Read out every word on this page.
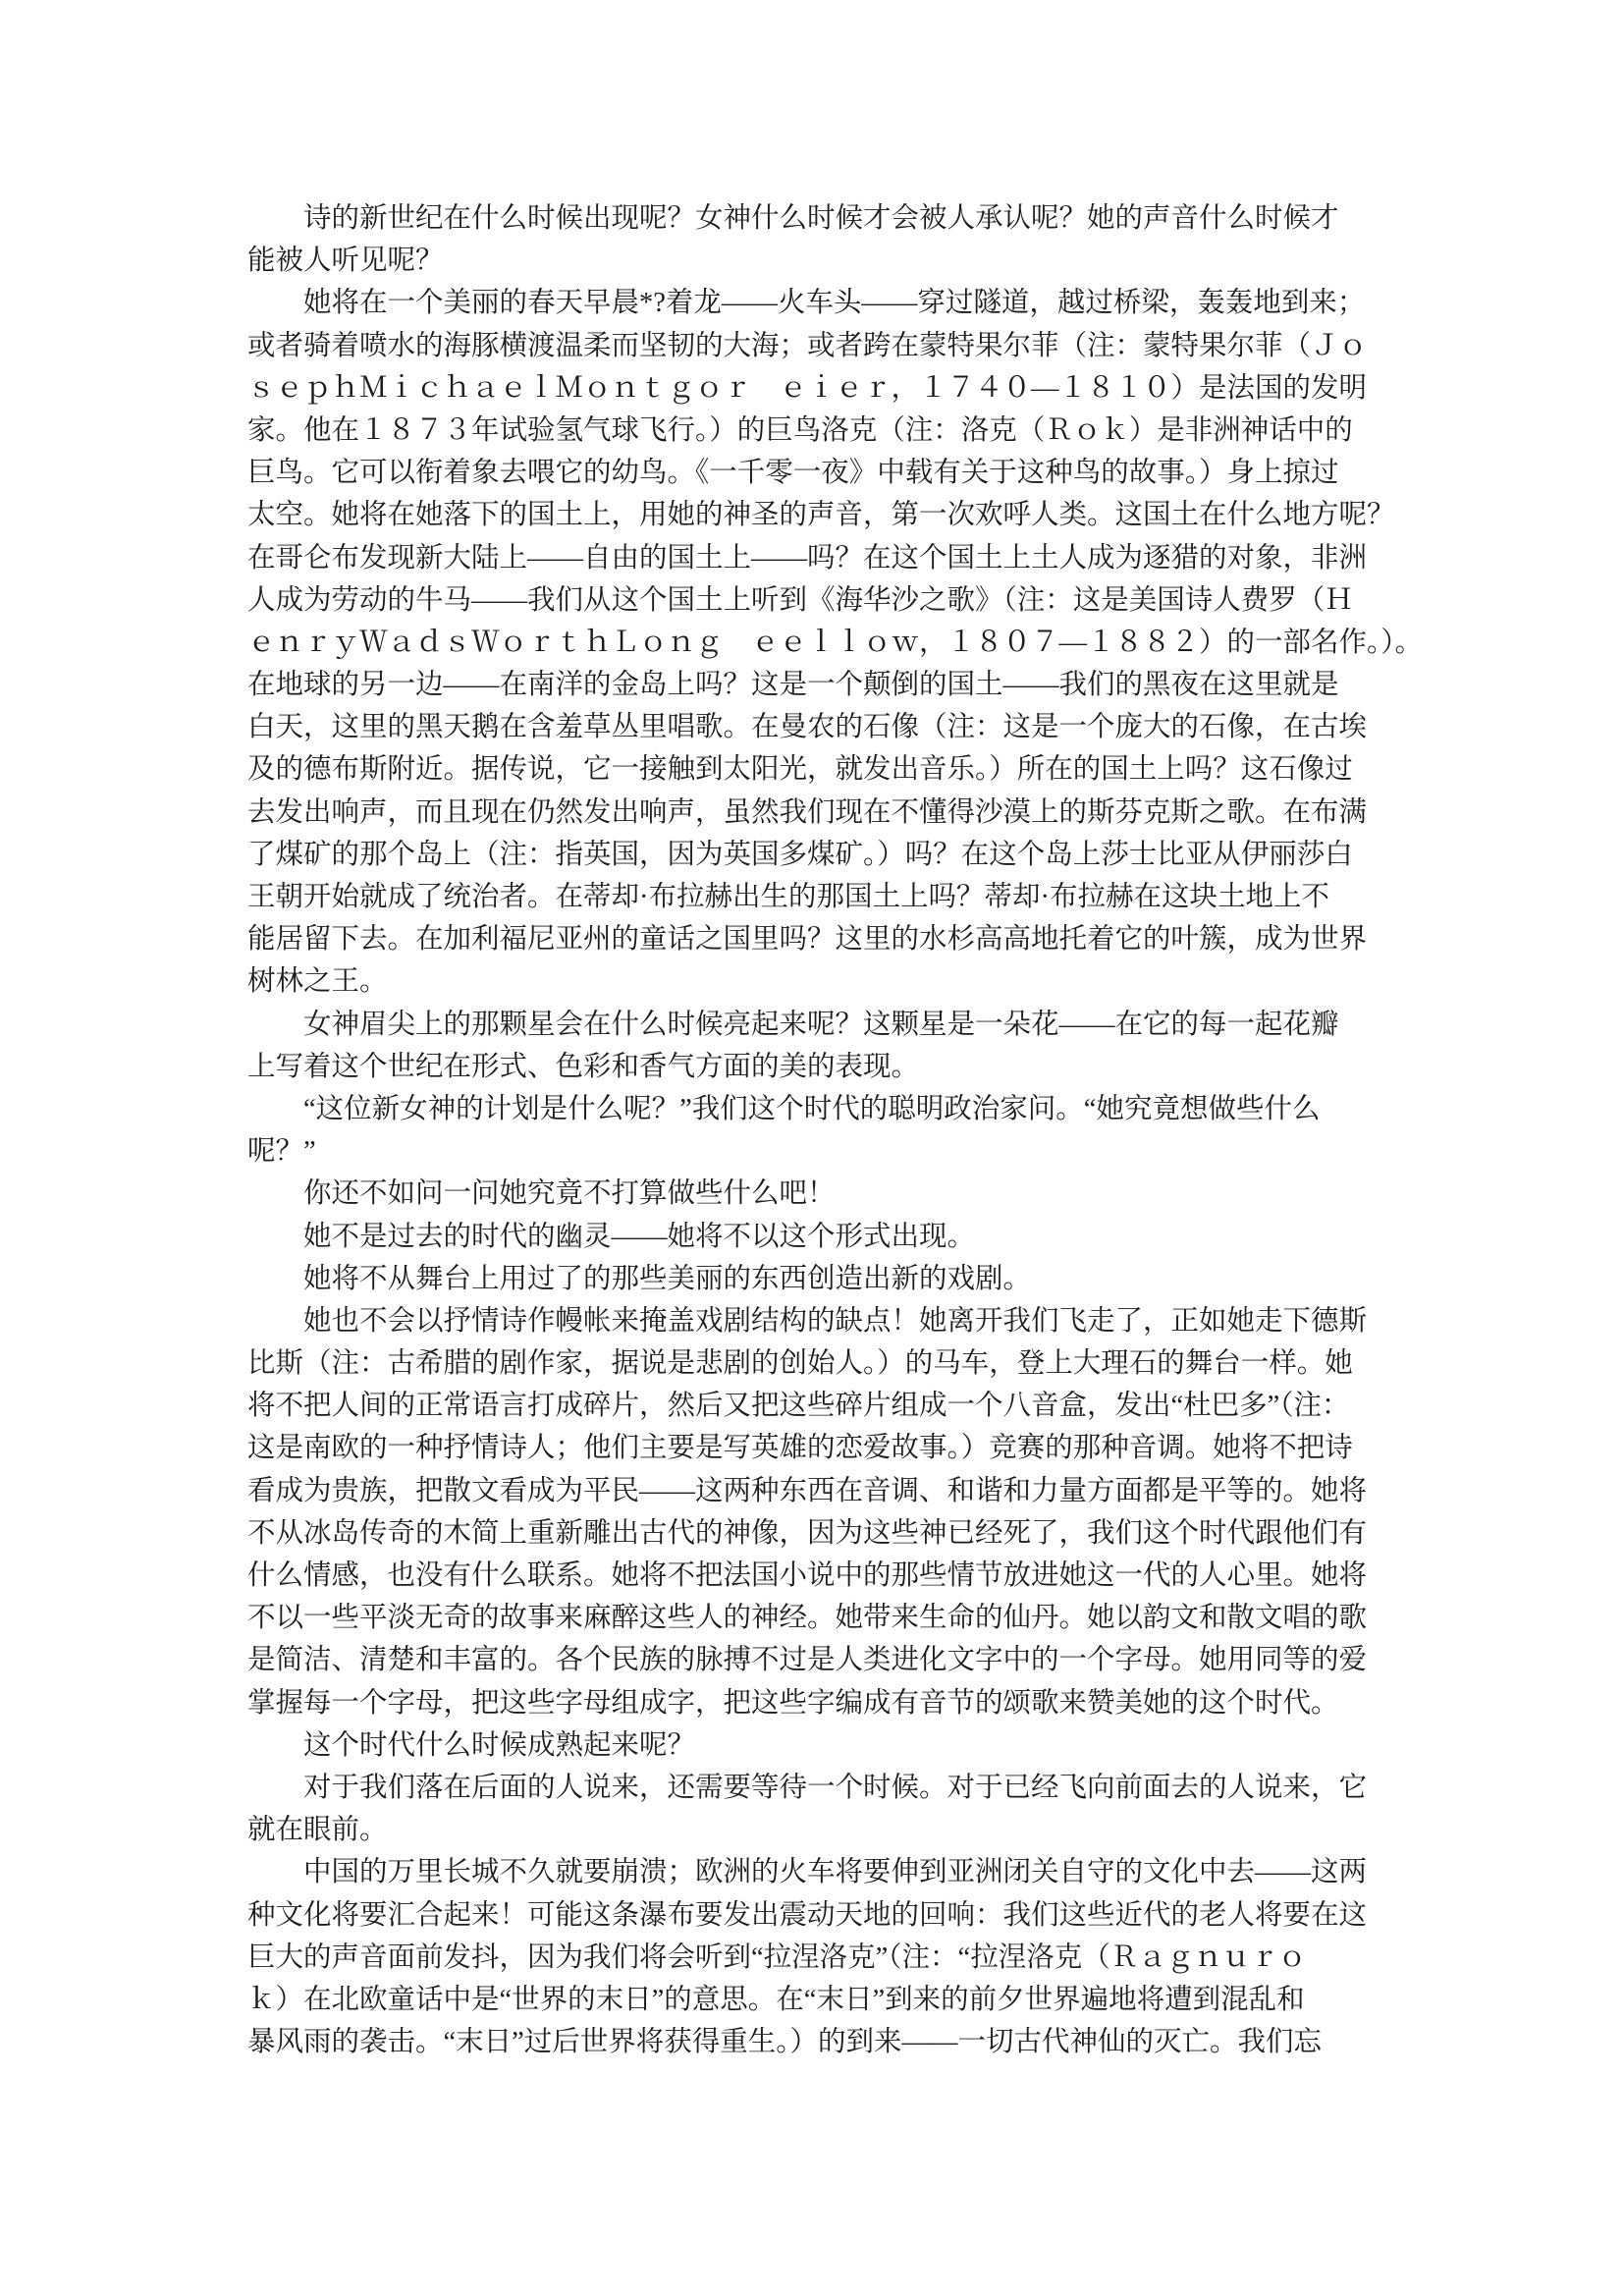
诗的新世纪在什么时候出现呢？女神什么时候才会被人承认呢？她的声音什么时候才
能被人听见呢？
她将在一个美丽的春天早晨*?着龙——火车头——穿过隧道，越过桥梁，轰轰地到来；
或者骑着喷水的海豚横渡温柔而坚韧的大海；或者跨在蒙特果尔菲（注：蒙特果尔菲（Ｊｏ
ｓｅｐｈＭｉｃｈａｅｌＭｏｎｔｇｏｒ　ｅｉｅｒ，１７４０—１８１０）是法国的发明
家。他在１８７３年试验氢气球飞行。）的巨鸟洛克（注：洛克（Ｒｏｋ）是非洲神话中的
巨鸟。它可以衔着象去喂它的幼鸟。《一千零一夜》中载有关于这种鸟的故事。）身上掠过
太空。她将在她落下的国土上，用她的神圣的声音，第一次欢呼人类。这国土在什么地方呢？
在哥仑布发现新大陆上——自由的国土上——吗？在这个国土上土人成为逐猎的对象，非洲
人成为劳动的牛马——我们从这个国土上听到《海华沙之歌》（注：这是美国诗人费罗（Ｈ
ｅｎｒｙＷａｄｓＷｏｒｔｈＬｏｎｇ　ｅｅｌｌｏｗ，１８０７—１８８２）的一部名作。）。
在地球的另一边——在南洋的金岛上吗？这是一个颠倒的国土——我们的黑夜在这里就是
白天，这里的黑天鹅在含羞草丛里唱歌。在曼农的石像（注：这是一个庞大的石像，在古埃
及的德布斯附近。据传说，它一接触到太阳光，就发出音乐。）所在的国土上吗？这石像过
去发出响声，而且现在仍然发出响声，虽然我们现在不懂得沙漠上的斯芬克斯之歌。在布满
了煤矿的那个岛上（注：指英国，因为英国多煤矿。）吗？在这个岛上莎士比亚从伊丽莎白
王朝开始就成了统治者。在蒂却·布拉赫出生的那国土上吗？蒂却·布拉赫在这块土地上不
能居留下去。在加利福尼亚州的童话之国里吗？这里的水杉高高地托着它的叶簇，成为世界
树林之王。
女神眉尖上的那颗星会在什么时候亮起来呢？这颗星是一朵花——在它的每一起花瓣
上写着这个世纪在形式、色彩和香气方面的美的表现。
“这位新女神的计划是什么呢？”我们这个时代的聪明政治家问。“她究竟想做些什么
呢？”
你还不如问一问她究竟不打算做些什么吧！
她不是过去的时代的幽灵——她将不以这个形式出现。
她将不从舞台上用过了的那些美丽的东西创造出新的戏剧。
她也不会以抒情诗作幔帐来掩盖戏剧结构的缺点！她离开我们飞走了，正如她走下德斯
比斯（注：古希腊的剧作家，据说是悲剧的创始人。）的马车，登上大理石的舞台一样。她
将不把人间的正常语言打成碎片，然后又把这些碎片组成一个八音盒，发出“杜巴多”（注：
这是南欧的一种抒情诗人；他们主要是写英雄的恋爱故事。）竞赛的那种音调。她将不把诗
看成为贵族，把散文看成为平民——这两种东西在音调、和谐和力量方面都是平等的。她将
不从冰岛传奇的木简上重新雕出古代的神像，因为这些神已经死了，我们这个时代跟他们有
什么情感，也没有什么联系。她将不把法国小说中的那些情节放进她这一代的人心里。她将
不以一些平淡无奇的故事来麻醉这些人的神经。她带来生命的仙丹。她以韵文和散文唱的歌
是简洁、清楚和丰富的。各个民族的脉搏不过是人类进化文字中的一个字母。她用同等的爱
掌握每一个字母，把这些字母组成字，把这些字编成有音节的颂歌来赞美她的这个时代。
这个时代什么时候成熟起来呢？
对于我们落在后面的人说来，还需要等待一个时候。对于已经飞向前面去的人说来，它
就在眼前。
中国的万里长城不久就要崩溃；欧洲的火车将要伸到亚洲闭关自守的文化中去——这两
种文化将要汇合起来！可能这条瀑布要发出震动天地的回响：我们这些近代的老人将要在这
巨大的声音面前发抖，因为我们将会听到“拉涅洛克”（注：“拉涅洛克（Ｒａｇｎｕｒｏ
ｋ）在北欧童话中是“世界的末日”的意思。在“末日”到来的前夕世界遍地将遭到混乱和
暴风雨的袭击。“末日”过后世界将获得重生。）的到来——一切古代神仙的灭亡。我们忘
